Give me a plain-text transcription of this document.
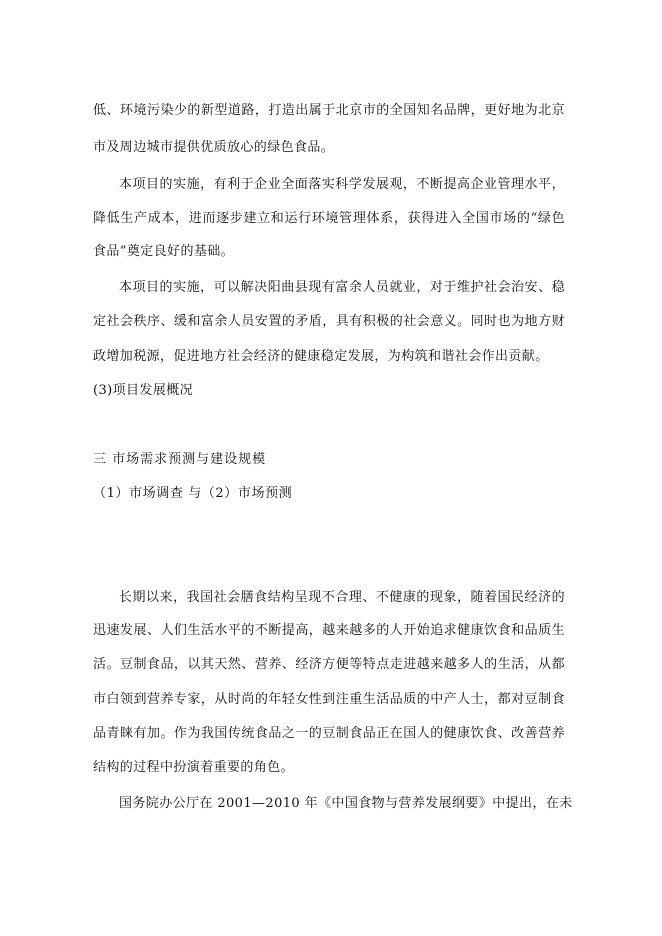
低、环境污染少的新型道路，打造出属于北京市的全国知名品牌，更好地为北京
市及周边城市提供优质放心的绿色食品。
本项目的实施，有利于企业全面落实科学发展观，不断提高企业管理水平，
降低生产成本，进而逐步建立和运行环境管理体系，获得进入全国市场的“绿色
食品”奠定良好的基础。
本项目的实施，可以解决阳曲县现有富余人员就业，对于维护社会治安、稳
定社会秩序、缓和富余人员安置的矛盾，具有积极的社会意义。同时也为地方财
政增加税源，促进地方社会经济的健康稳定发展，为构筑和谐社会作出贡献。
(3)项目发展概况
三 市场需求预测与建设规模
（1）市场调查 与（2）市场预测
长期以来，我国社会膳食结构呈现不合理、不健康的现象，随着国民经济的
迅速发展、人们生活水平的不断提高，越来越多的人开始追求健康饮食和品质生
活。豆制食品，以其天然、营养、经济方便等特点走进越来越多人的生活，从都
市白领到营养专家，从时尚的年轻女性到注重生活品质的中产人士，都对豆制食
品青睐有加。作为我国传统食品之一的豆制食品正在国人的健康饮食、改善营养
结构的过程中扮演着重要的角色。
国务院办公厅在 2001—2010 年《中国食物与营养发展纲要》中提出，在未
